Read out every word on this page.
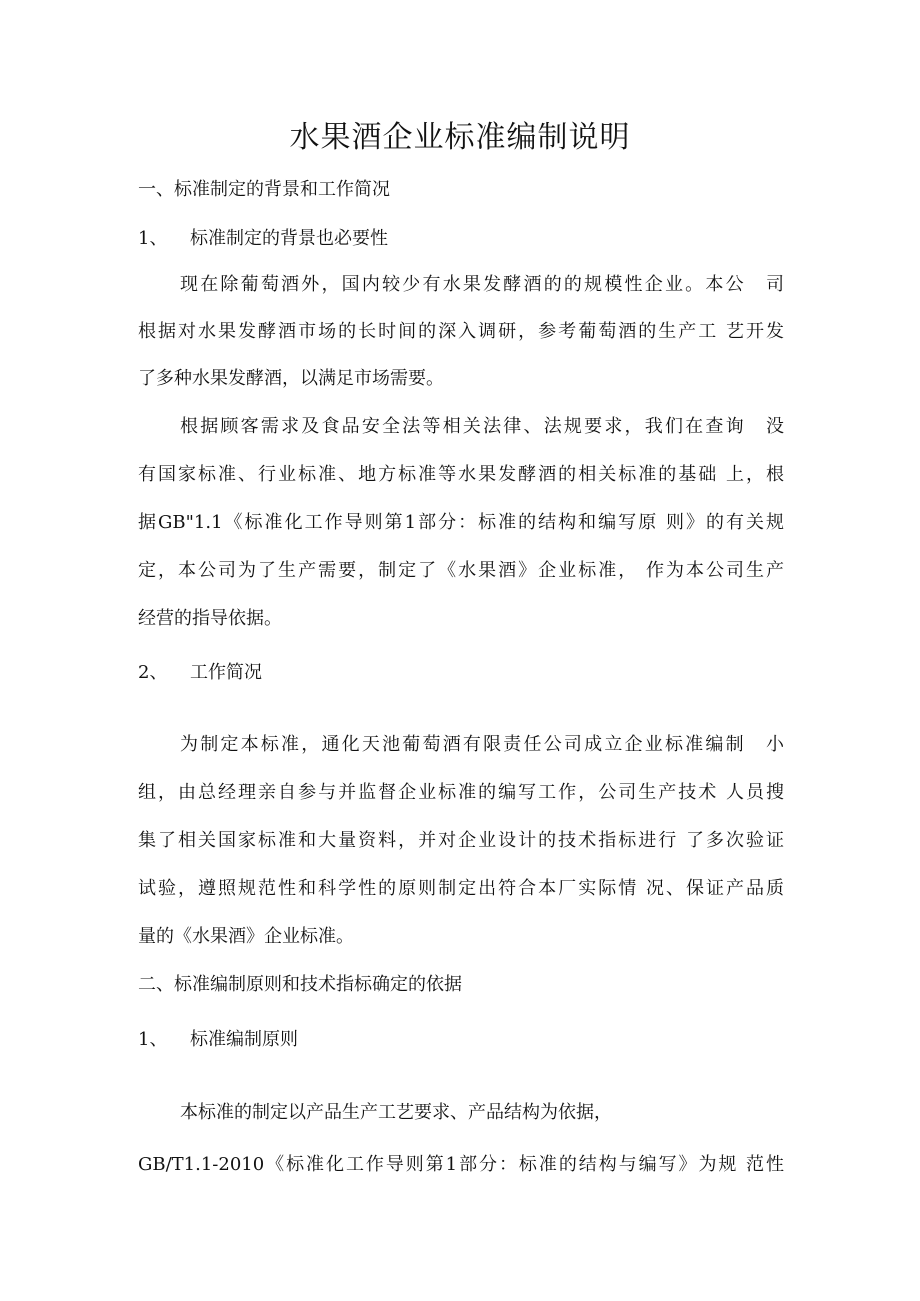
水果酒企业标准编制说明

一、标准制定的背景和工作简况

1、 标准制定的背景也必要性

现在除葡萄酒外，国内较少有水果发酵酒的的规模性企业。本公　司

根据对水果发酵酒市场的长时间的深入调研，参考葡萄酒的生产工 艺开发

了多种水果发酵酒，以满足市场需要。

根据顾客需求及食品安全法等相关法律、法规要求，我们在查询　没

有国家标准、行业标准、地方标准等水果发酵酒的相关标准的基础 上，根

据GB"1.1《标准化工作导则第1部分：标准的结构和编写原 则》的有关规

定，本公司为了生产需要，制定了《水果酒》企业标准， 作为本公司生产

经营的指导依据。

2、 工作简况

为制定本标准，通化天池葡萄酒有限责任公司成立企业标准编制　小

组，由总经理亲自参与并监督企业标准的编写工作，公司生产技术 人员搜

集了相关国家标准和大量资料，并对企业设计的技术指标进行 了多次验证

试验，遵照规范性和科学性的原则制定出符合本厂实际情 况、保证产品质

量的《水果酒》企业标准。

二、标准编制原则和技术指标确定的依据

1、 标准编制原则

本标准的制定以产品生产工艺要求、产品结构为依据，

GB/T1.1-2010《标准化工作导则第1部分：标准的结构与编写》为规 范性
